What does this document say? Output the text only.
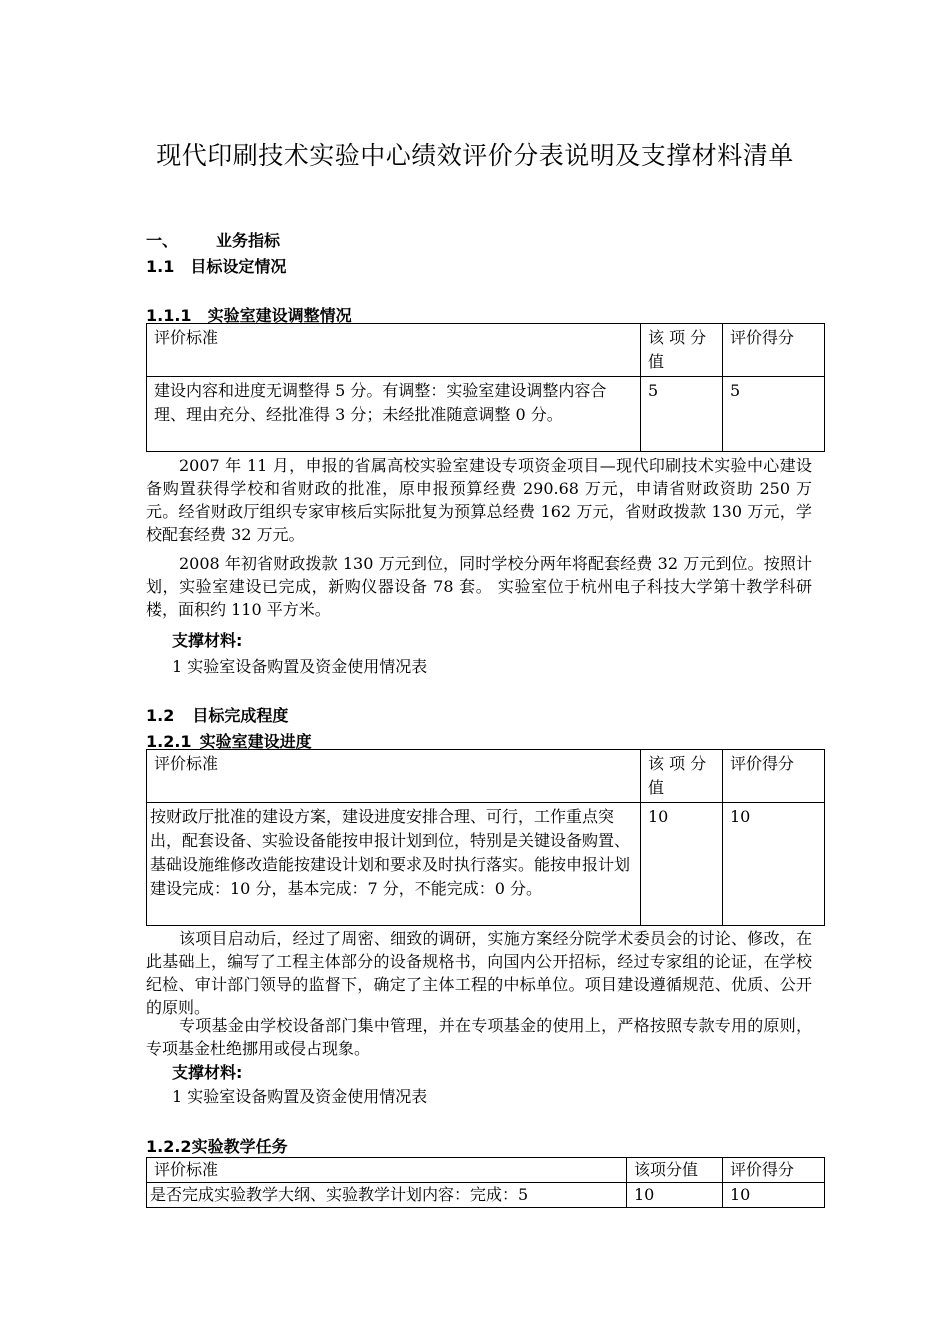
现代印刷技术实验中心绩效评价分表说明及支撑材料清单
一、 业务指标
1.1 目标设定情况
1.1.1 实验室建设调整情况
评价标准	该 项 分 值	评价得分
建设内容和进度无调整得 5 分。有调整：实验室建设调整内容合理、理由充分、经批准得 3 分；未经批准随意调整 0 分。	5	5
2007 年 11 月，申报的省属高校实验室建设专项资金项目—现代印刷技术实验中心建设备购置获得学校和省财政的批准，原申报预算经费 290.68 万元，申请省财政资助 250 万元。经省财政厅组织专家审核后实际批复为预算总经费 162 万元，省财政拨款 130 万元，学校配套经费 32 万元。
2008 年初省财政拨款 130 万元到位，同时学校分两年将配套经费 32 万元到位。按照计划，实验室建设已完成，新购仪器设备 78 套。 实验室位于杭州电子科技大学第十教学科研楼，面积约 110 平方米。
支撑材料:
1 实验室设备购置及资金使用情况表
1.2 目标完成程度
1.2.1 实验室建设进度
评价标准	该 项 分 值	评价得分
按财政厅批准的建设方案，建设进度安排合理、可行，工作重点突出，配套设备、实验设备能按申报计划到位，特别是关键设备购置、基础设施维修改造能按建设计划和要求及时执行落实。能按申报计划建设完成：10 分，基本完成：7 分，不能完成：0 分。	10	10
该项目启动后，经过了周密、细致的调研，实施方案经分院学术委员会的讨论、修改，在此基础上，编写了工程主体部分的设备规格书，向国内公开招标，经过专家组的论证，在学校纪检、审计部门领导的监督下，确定了主体工程的中标单位。项目建设遵循规范、优质、公开的原则。
专项基金由学校设备部门集中管理，并在专项基金的使用上，严格按照专款专用的原则，专项基金杜绝挪用或侵占现象。
支撑材料:
1 实验室设备购置及资金使用情况表
1.2.2实验教学任务
评价标准	该项分值	评价得分
是否完成实验教学大纲、实验教学计划内容：完成：5	10	10
